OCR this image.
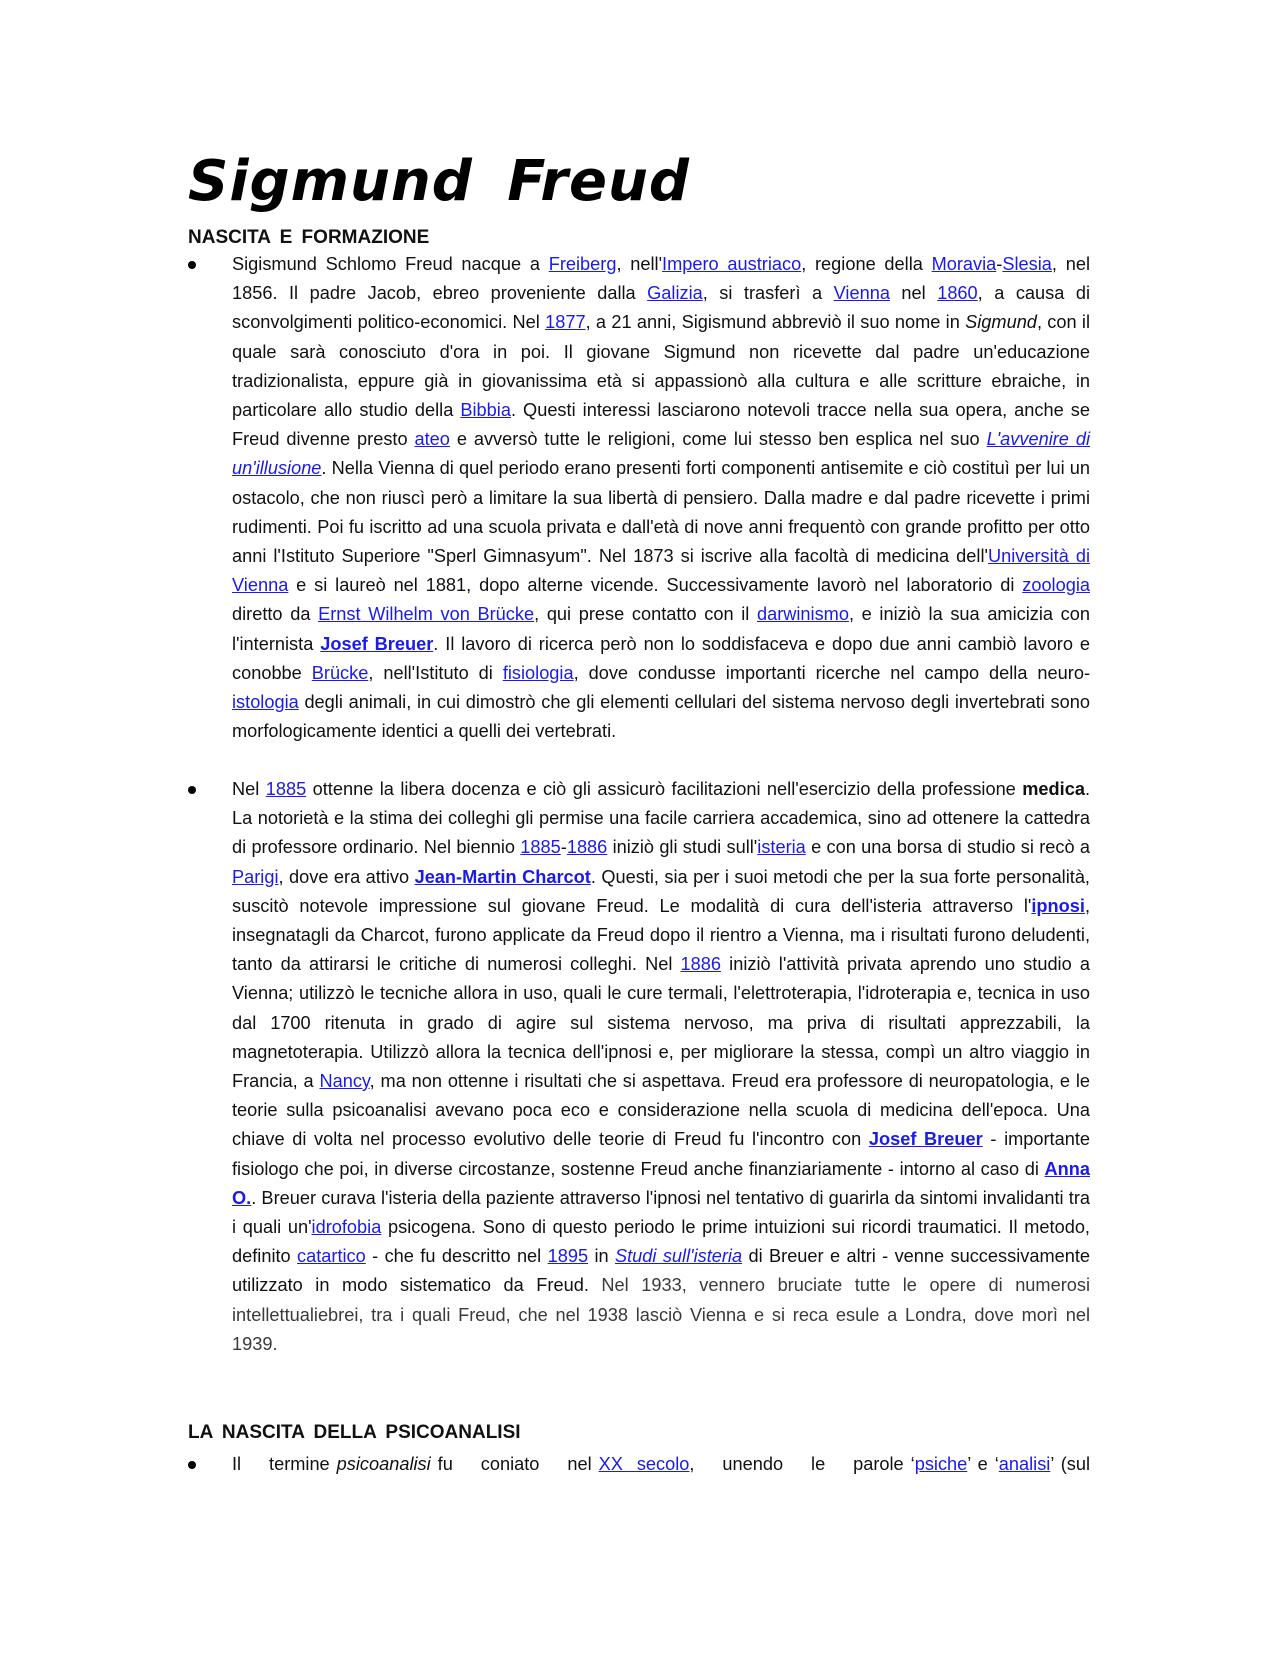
Sigmund Freud
NASCITA E FORMAZIONE

Sigismund Schlomo Freud nacque a Freiberg, nell'Impero austriaco, regione della Moravia-Slesia, nel 1856. Il padre Jacob, ebreo proveniente dalla Galizia, si trasferì a Vienna nel 1860, a causa di sconvolgimenti politico-economici. Nel 1877, a 21 anni, Sigismund abbreviò il suo nome in Sigmund, con il quale sarà conosciuto d'ora in poi. Il giovane Sigmund non ricevette dal padre un'educazione tradizionalista, eppure già in giovanissima età si appassionò alla cultura e alle scritture ebraiche, in particolare allo studio della Bibbia. Questi interessi lasciarono notevoli tracce nella sua opera, anche se Freud divenne presto ateo e avversò tutte le religioni, come lui stesso ben esplica nel suo L'avvenire di un'illusione. Nella Vienna di quel periodo erano presenti forti componenti antisemite e ciò costituì per lui un ostacolo, che non riuscì però a limitare la sua libertà di pensiero. Dalla madre e dal padre ricevette i primi rudimenti. Poi fu iscritto ad una scuola privata e dall'età di nove anni frequentò con grande profitto per otto anni l'Istituto Superiore "Sperl Gimnasyum". Nel 1873 si iscrive alla facoltà di medicina dell'Università di Vienna e si laureò nel 1881, dopo alterne vicende. Successivamente lavorò nel laboratorio di zoologia diretto da Ernst Wilhelm von Brücke, qui prese contatto con il darwinismo, e iniziò la sua amicizia con l'internista Josef Breuer. Il lavoro di ricerca però non lo soddisfaceva e dopo due anni cambiò lavoro e conobbe Brücke, nell'Istituto di fisiologia, dove condusse importanti ricerche nel campo della neuro-istologia degli animali, in cui dimostrò che gli elementi cellulari del sistema nervoso degli invertebrati sono morfologicamente identici a quelli dei vertebrati.

Nel 1885 ottenne la libera docenza e ciò gli assicurò facilitazioni nell'esercizio della professione medica. La notorietà e la stima dei colleghi gli permise una facile carriera accademica, sino ad ottenere la cattedra di professore ordinario. Nel biennio 1885-1886 iniziò gli studi sull'isteria e con una borsa di studio si recò a Parigi, dove era attivo Jean-Martin Charcot. Questi, sia per i suoi metodi che per la sua forte personalità, suscitò notevole impressione sul giovane Freud. Le modalità di cura dell'isteria attraverso l'ipnosi, insegnatagli da Charcot, furono applicate da Freud dopo il rientro a Vienna, ma i risultati furono deludenti, tanto da attirarsi le critiche di numerosi colleghi. Nel 1886 iniziò l'attività privata aprendo uno studio a Vienna; utilizzò le tecniche allora in uso, quali le cure termali, l'elettroterapia, l'idroterapia e, tecnica in uso dal 1700 ritenuta in grado di agire sul sistema nervoso, ma priva di risultati apprezzabili, la magnetoterapia. Utilizzò allora la tecnica dell'ipnosi e, per migliorare la stessa, compì un altro viaggio in Francia, a Nancy, ma non ottenne i risultati che si aspettava. Freud era professore di neuropatologia, e le teorie sulla psicoanalisi avevano poca eco e considerazione nella scuola di medicina dell'epoca. Una chiave di volta nel processo evolutivo delle teorie di Freud fu l'incontro con Josef Breuer - importante fisiologo che poi, in diverse circostanze, sostenne Freud anche finanziariamente - intorno al caso di Anna O.. Breuer curava l'isteria della paziente attraverso l'ipnosi nel tentativo di guarirla da sintomi invalidanti tra i quali un'idrofobia psicogena. Sono di questo periodo le prime intuizioni sui ricordi traumatici. Il metodo, definito catartico - che fu descritto nel 1895 in Studi sull'isteria di Breuer e altri - venne successivamente utilizzato in modo sistematico da Freud. Nel 1933, vennero bruciate tutte le opere di numerosi intellettualiebrei, tra i quali Freud, che nel 1938 lasciò Vienna e si reca esule a Londra, dove morì nel 1939.

LA NASCITA DELLA PSICOANALISI

Il    termine psicoanalisi fu    coniato    nel XX  secolo,    unendo    le    parole ‘psiche’ e ‘analisi’ (sul
